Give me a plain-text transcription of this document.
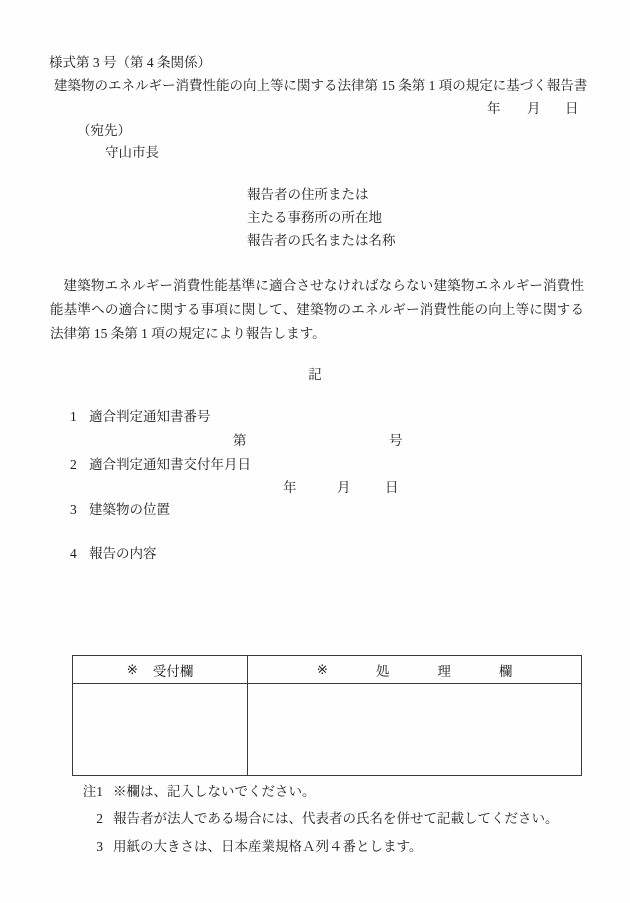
様式第 3 号（第 4 条関係）
建築物のエネルギー消費性能の向上等に関する法律第 15 条第 1 項の規定に基づく報告書
年 月 日
（宛先）
守山市長
報告者の住所または
主たる事務所の所在地
報告者の氏名または名称
建築物エネルギー消費性能基準に適合させなければならない建築物エネルギー消費性能基準への適合に関する事項に関して、建築物のエネルギー消費性能の向上等に関する法律第 15 条第 1 項の規定により報告します。
記
1 適合判定通知書番号
第	号
2 適合判定通知書交付年月日
年	月	日
3 建築物の位置
4 報告の内容
※ 受付欄	※	処	理	欄
注1 ※欄は、記入しないでください。
2 報告者が法人である場合には、代表者の氏名を併せて記載してください。
3 用紙の大きさは、日本産業規格Ａ列４番とします。
